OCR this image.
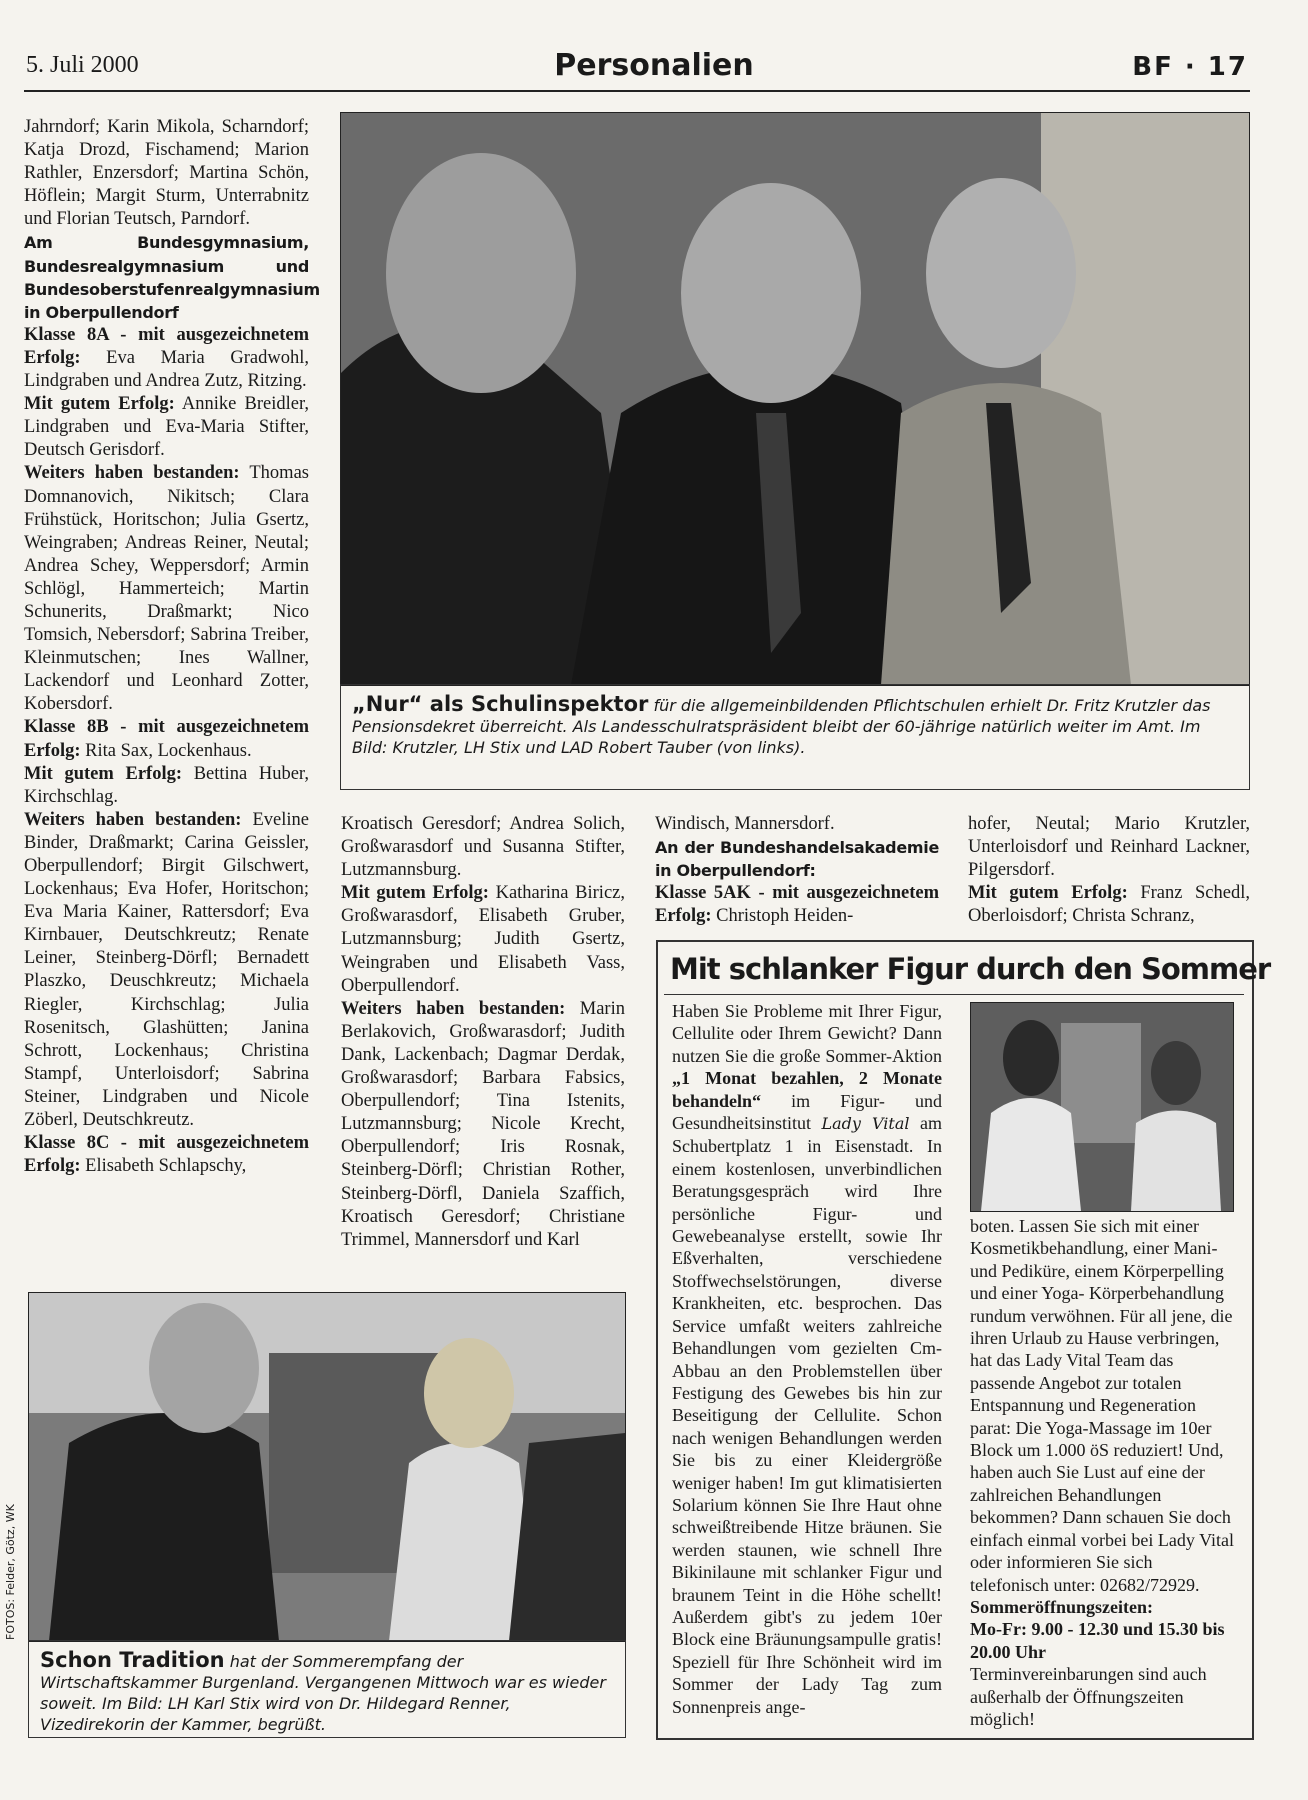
5. Juli 2000	Personalien	BF · 17

Jahrndorf; Karin Mikola, Scharndorf; Katja Drozd, Fischamend; Marion Rathler, Enzersdorf; Martina Schön, Höflein; Margit Sturm, Unterrabnitz und Florian Teutsch, Parndorf.
Am Bundesgymnasium, Bundesrealgymnasium und Bundesoberstufenrealgymnasium in Oberpullendorf
Klasse 8A - mit ausgezeichnetem Erfolg: Eva Maria Gradwohl, Lindgraben und Andrea Zutz, Ritzing.
Mit gutem Erfolg: Annike Breidler, Lindgraben und Eva-Maria Stifter, Deutsch Gerisdorf.
Weiters haben bestanden: Thomas Domnanovich, Nikitsch; Clara Frühstück, Horitschon; Julia Gsertz, Weingraben; Andreas Reiner, Neutal; Andrea Schey, Weppersdorf; Armin Schlögl, Hammerteich; Martin Schunerits, Draßmarkt; Nico Tomsich, Nebersdorf; Sabrina Treiber, Kleinmutschen; Ines Wallner, Lackendorf und Leonhard Zotter, Kobersdorf.
Klasse 8B - mit ausgezeichnetem Erfolg: Rita Sax, Lockenhaus.
Mit gutem Erfolg: Bettina Huber, Kirchschlag.
Weiters haben bestanden: Eveline Binder, Draßmarkt; Carina Geissler, Oberpullendorf; Birgit Gilschwert, Lockenhaus; Eva Hofer, Horitschon; Eva Maria Kainer, Rattersdorf; Eva Kirnbauer, Deutschkreutz; Renate Leiner, Steinberg-Dörfl; Bernadett Plaszko, Deuschkreutz; Michaela Riegler, Kirchschlag; Julia Rosenitsch, Glashütten; Janina Schrott, Lockenhaus; Christina Stampf, Unterloisdorf; Sabrina Steiner, Lindgraben und Nicole Zöberl, Deutschkreutz.
Klasse 8C - mit ausgezeichnetem Erfolg: Elisabeth Schlapschy,

„Nur“ als Schulinspektor für die allgemeinbildenden Pflichtschulen erhielt Dr. Fritz Krutzler das Pensionsdekret überreicht. Als Landesschulratspräsident bleibt der 60-jährige natürlich weiter im Amt. Im Bild: Krutzler, LH Stix und LAD Robert Tauber (von links).

Kroatisch Geresdorf; Andrea Solich, Großwarasdorf und Susanna Stifter, Lutzmannsburg.
Mit gutem Erfolg: Katharina Biricz, Großwarasdorf, Elisabeth Gruber, Lutzmannsburg; Judith Gsertz, Weingraben und Elisabeth Vass, Oberpullendorf.
Weiters haben bestanden: Marin Berlakovich, Großwarasdorf; Judith Dank, Lackenbach; Dagmar Derdak, Großwarasdorf; Barbara Fabsics, Oberpullendorf; Tina Istenits, Lutzmannsburg; Nicole Krecht, Oberpullendorf; Iris Rosnak, Steinberg-Dörfl; Christian Rother, Steinberg-Dörfl, Daniela Szaffich, Kroatisch Geresdorf; Christiane Trimmel, Mannersdorf und Karl

Windisch, Mannersdorf.
An der Bundeshandelsakademie in Oberpullendorf:
Klasse 5AK - mit ausgezeichnetem Erfolg: Christoph Heiden-

hofer, Neutal; Mario Krutzler, Unterloisdorf und Reinhard Lackner, Pilgersdorf.
Mit gutem Erfolg: Franz Schedl, Oberloisdorf; Christa Schranz,

Schon Tradition hat der Sommerempfang der Wirtschaftskammer Burgenland. Vergangenen Mittwoch war es wieder soweit. Im Bild: LH Karl Stix wird von Dr. Hildegard Renner, Vizedirekorin der Kammer, begrüßt.
FOTOS: Felder, Götz, WK
Mit schlanker Figur durch den Sommer

Haben Sie Probleme mit Ihrer Figur, Cellulite oder Ihrem Gewicht? Dann nutzen Sie die große Sommer-Aktion „1 Monat bezahlen, 2 Monate behandeln“ im Figur- und Gesundheitsinstitut Lady Vital am Schubertplatz 1 in Eisenstadt. In einem kostenlosen, unverbindlichen Beratungsgespräch wird Ihre persönliche Figur- und Gewebeanalyse erstellt, sowie Ihr Eßverhalten, verschiedene Stoffwechselstörungen, diverse Krankheiten, etc. besprochen. Das Service umfaßt weiters zahlreiche Behandlungen vom gezielten Cm-Abbau an den Problemstellen über Festigung des Gewebes bis hin zur Beseitigung der Cellulite. Schon nach wenigen Behandlungen werden Sie bis zu einer Kleidergröße weniger haben! Im gut klimatisierten Solarium können Sie Ihre Haut ohne schweißtreibende Hitze bräunen. Sie werden staunen, wie schnell Ihre Bikinilaune mit schlanker Figur und braunem Teint in die Höhe schellt! Außerdem gibt's zu jedem 10er Block eine Bräunungsampulle gratis! Speziell für Ihre Schönheit wird im Sommer der Lady Tag zum Sonnenpreis ange-

boten. Lassen Sie sich mit einer Kosmetikbehandlung, einer Mani- und Pediküre, einem Körperpelling und einer Yoga- Körperbehandlung rundum verwöhnen. Für all jene, die ihren Urlaub zu Hause verbringen, hat das Lady Vital Team das passende Angebot zur totalen Entspannung und Regeneration parat: Die Yoga-Massage im 10er Block um 1.000 öS reduziert! Und, haben auch Sie Lust auf eine der zahlreichen Behandlungen bekommen? Dann schauen Sie doch einfach einmal vorbei bei Lady Vital oder informieren Sie sich telefonisch unter: 02682/72929.
Sommeröffnungszeiten:
Mo-Fr: 9.00 - 12.30 und 15.30 bis 20.00 Uhr
Terminvereinbarungen sind auch außerhalb der Öffnungszeiten möglich!
